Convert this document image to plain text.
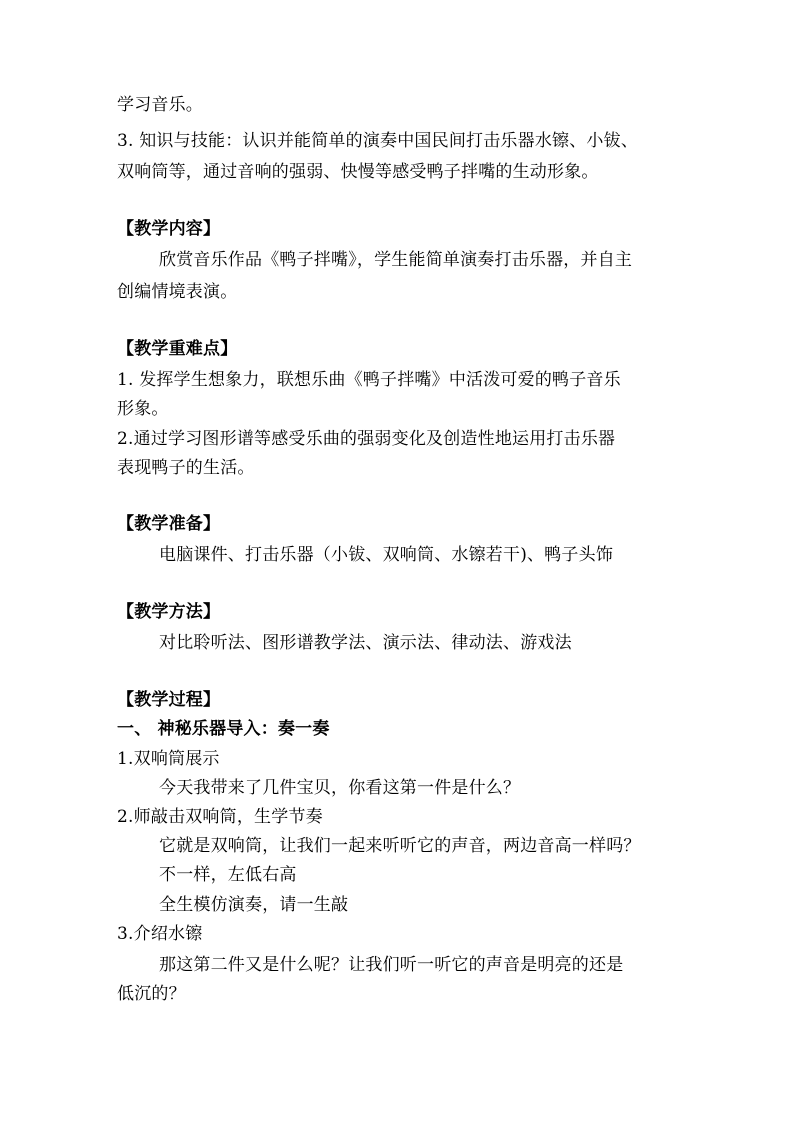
学习音乐。
3. 知识与技能：认识并能简单的演奏中国民间打击乐器水镲、小钹、
双响筒等，通过音响的强弱、快慢等感受鸭子拌嘴的生动形象。
【教学内容】
欣赏音乐作品《鸭子拌嘴》，学生能简单演奏打击乐器，并自主
创编情境表演。
【教学重难点】
1. 发挥学生想象力，联想乐曲《鸭子拌嘴》中活泼可爱的鸭子音乐
形象。
2.通过学习图形谱等感受乐曲的强弱变化及创造性地运用打击乐器
表现鸭子的生活。
【教学准备】
电脑课件、打击乐器（小钹、双响筒、水镲若干)、鸭子头饰
【教学方法】
对比聆听法、图形谱教学法、演示法、律动法、游戏法
【教学过程】
一、 神秘乐器导入：奏一奏
1.双响筒展示
今天我带来了几件宝贝，你看这第一件是什么？
2.师敲击双响筒，生学节奏
它就是双响筒，让我们一起来听听它的声音，两边音高一样吗？
不一样，左低右高
全生模仿演奏，请一生敲
3.介绍水镲
那这第二件又是什么呢？让我们听一听它的声音是明亮的还是
低沉的？
